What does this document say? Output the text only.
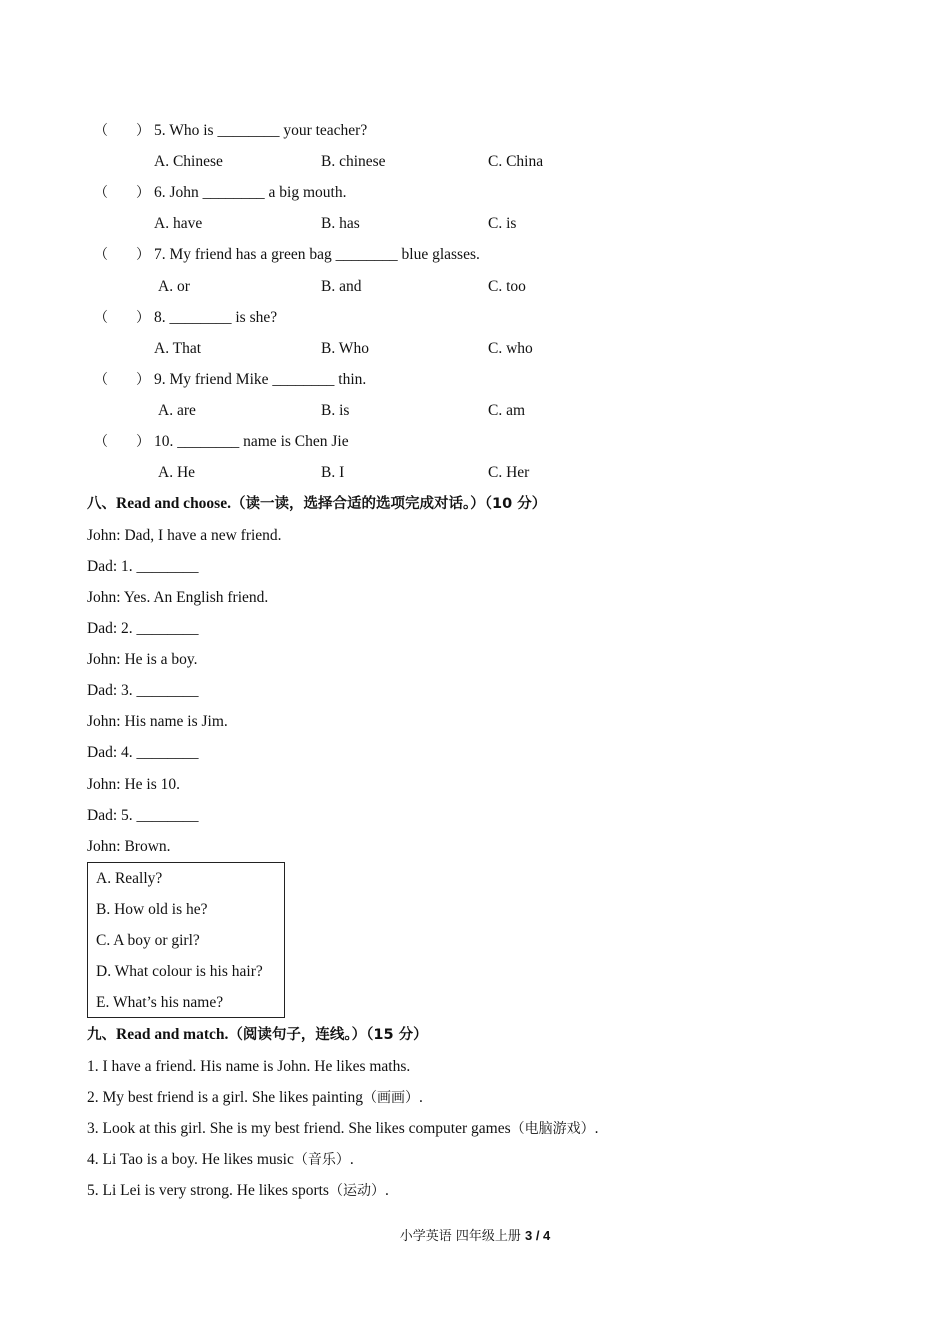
（ ） 5. Who is ________ your teacher?
A. Chinese	B. chinese	C. China
（ ） 6. John ________ a big mouth.
A. have	B. has	C. is
（ ） 7. My friend has a green bag ________ blue glasses.
A. or	B. and	C. too
（ ） 8. ________ is she?
A. That	B. Who	C. who
（ ） 9. My friend Mike ________ thin.
A. are	B. is	C. am
（ ） 10. ________ name is Chen Jie
A. He	B. I	C. Her
八、Read and choose.（读一读，选择合适的选项完成对话。）（10 分）
John: Dad, I have a new friend.
Dad: 1. ________
John: Yes. An English friend.
Dad: 2. ________
John: He is a boy.
Dad: 3. ________
John: His name is Jim.
Dad: 4. ________
John: He is 10.
Dad: 5. ________
John: Brown.
A. Really?
B. How old is he?
C. A boy or girl?
D. What colour is his hair?
E. What’s his name?
九、Read and match.（阅读句子，连线。）（15 分）
1. I have a friend. His name is John. He likes maths.
2. My best friend is a girl. She likes painting（画画）.
3. Look at this girl. She is my best friend. She likes computer games（电脑游戏）.
4. Li Tao is a boy. He likes music（音乐）.
5. Li Lei is very strong. He likes sports（运动）.
小学英语 四年级上册 3 / 4
